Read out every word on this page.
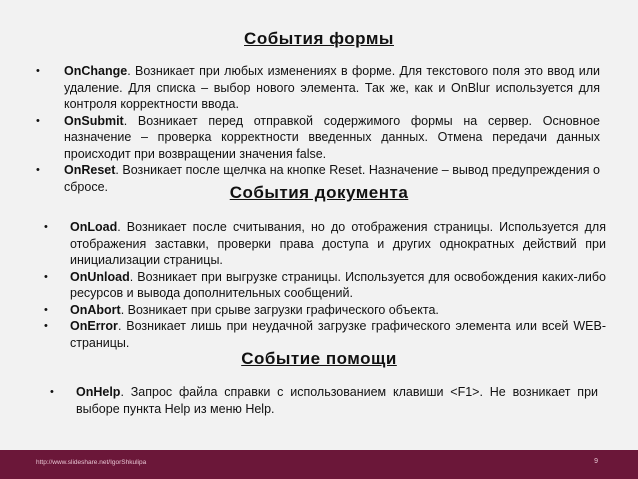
События формы
• OnChange. Возникает при любых изменениях в форме. Для текстового поля это ввод или удаление. Для списка – выбор нового элемента. Так же, как и OnBlur используется для контроля корректности ввода.
• OnSubmit. Возникает перед отправкой содержимого формы на сервер. Основное назначение – проверка корректности введенных данных. Отмена передачи данных происходит при возвращении значения false.
• OnReset. Возникает после щелчка на кнопке Reset. Назначение – вывод предупреждения о сбросе.	События документа
• OnLoad. Возникает после считывания, но до отображения страницы. Используется для отображения заставки, проверки права доступа и других однократных действий при инициализации страницы.
• OnUnload. Возникает при выгрузке страницы. Используется для освобождения каких-либо ресурсов и вывода дополнительных сообщений.
• OnAbort. Возникает при срыве загрузки графического объекта.
• OnError. Возникает лишь при неудачной загрузке графического элемента или всей WEB-страницы.
Событие помощи
• OnHelp. Запрос файла справки с использованием клавиши <F1>. Не возникает при выборе пункта Help из меню Help.
http://www.slideshare.net/IgorShkulipa	9
